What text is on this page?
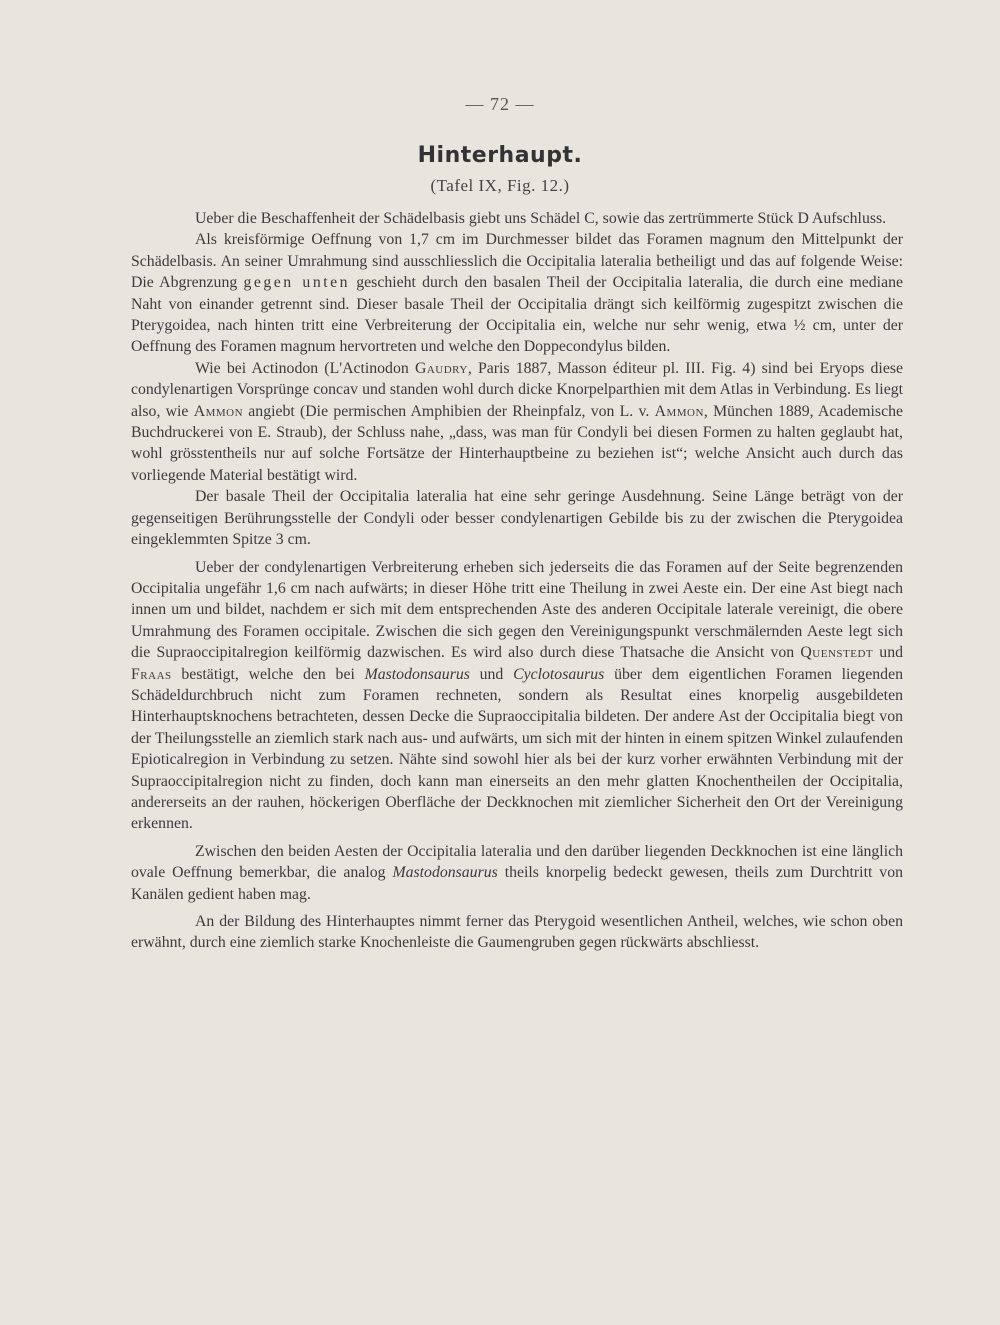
— 72 —
Hinterhaupt.
(Tafel IX, Fig. 12.)

Ueber die Beschaffenheit der Schädelbasis giebt uns Schädel C, sowie das zertrümmerte Stück D Aufschluss.

Als kreisförmige Oeffnung von 1,7 cm im Durchmesser bildet das Foramen magnum den Mittelpunkt der Schädelbasis. An seiner Umrahmung sind ausschliesslich die Occipitalia lateralia betheiligt und das auf folgende Weise: Die Abgrenzung gegen unten geschieht durch den basalen Theil der Occipitalia lateralia, die durch eine mediane Naht von einander getrennt sind. Dieser basale Theil der Occipitalia drängt sich keilförmig zugespitzt zwischen die Pterygoidea, nach hinten tritt eine Verbreiterung der Occipitalia ein, welche nur sehr wenig, etwa ½ cm, unter der Oeffnung des Foramen magnum hervortreten und welche den Doppecondylus bilden.

Wie bei Actinodon (L'Actinodon Gaudry, Paris 1887, Masson éditeur pl. III. Fig. 4) sind bei Eryops diese condylenartigen Vorsprünge concav und standen wohl durch dicke Knorpelparthien mit dem Atlas in Verbindung. Es liegt also, wie Ammon angiebt (Die permischen Amphibien der Rheinpfalz, von L. v. Ammon, München 1889, Academische Buchdruckerei von E. Straub), der Schluss nahe, „dass, was man für Condyli bei diesen Formen zu halten geglaubt hat, wohl grösstentheils nur auf solche Fortsätze der Hinterhauptbeine zu beziehen ist“; welche Ansicht auch durch das vorliegende Material bestätigt wird.

Der basale Theil der Occipitalia lateralia hat eine sehr geringe Ausdehnung. Seine Länge beträgt von der gegenseitigen Berührungsstelle der Condyli oder besser condylenartigen Gebilde bis zu der zwischen die Pterygoidea eingeklemmten Spitze 3 cm.

Ueber der condylenartigen Verbreiterung erheben sich jederseits die das Foramen auf der Seite begrenzenden Occipitalia ungefähr 1,6 cm nach aufwärts; in dieser Höhe tritt eine Theilung in zwei Aeste ein. Der eine Ast biegt nach innen um und bildet, nachdem er sich mit dem entsprechenden Aste des anderen Occipitale laterale vereinigt, die obere Umrahmung des Foramen occipitale. Zwischen die sich gegen den Vereinigungspunkt verschmälernden Aeste legt sich die Supraoccipitalregion keilförmig dazwischen. Es wird also durch diese Thatsache die Ansicht von Quenstedt und Fraas bestätigt, welche den bei Mastodonsaurus und Cyclotosaurus über dem eigentlichen Foramen liegenden Schädeldurchbruch nicht zum Foramen rechneten, sondern als Resultat eines knorpelig ausgebildeten Hinterhauptsknochens betrachteten, dessen Decke die Supraoccipitalia bildeten. Der andere Ast der Occipitalia biegt von der Theilungsstelle an ziemlich stark nach aus- und aufwärts, um sich mit der hinten in einem spitzen Winkel zulaufenden Epioticalregion in Verbindung zu setzen. Nähte sind sowohl hier als bei der kurz vorher erwähnten Verbindung mit der Supraoccipitalregion nicht zu finden, doch kann man einerseits an den mehr glatten Knochentheilen der Occipitalia, andererseits an der rauhen, höckerigen Oberfläche der Deckknochen mit ziemlicher Sicherheit den Ort der Vereinigung erkennen.

Zwischen den beiden Aesten der Occipitalia lateralia und den darüber liegenden Deckknochen ist eine länglich ovale Oeffnung bemerkbar, die analog Mastodonsaurus theils knorpelig bedeckt gewesen, theils zum Durchtritt von Kanälen gedient haben mag.

An der Bildung des Hinterhauptes nimmt ferner das Pterygoid wesentlichen Antheil, welches, wie schon oben erwähnt, durch eine ziemlich starke Knochenleiste die Gaumengruben gegen rückwärts abschliesst.
